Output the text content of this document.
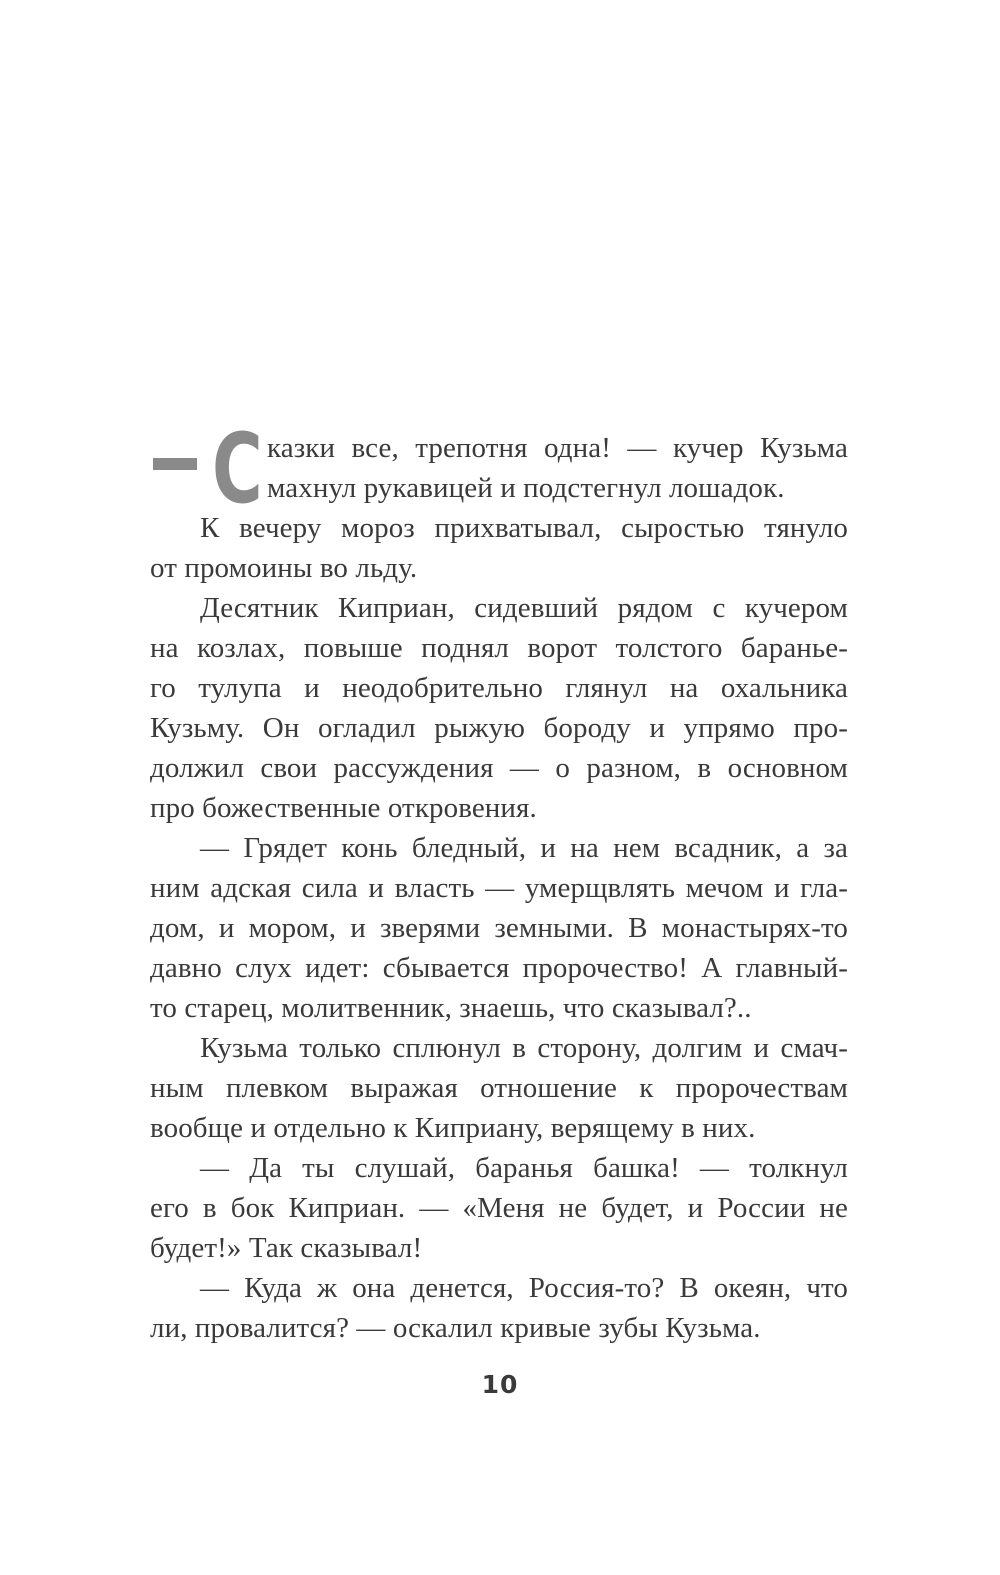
С казки все, трепотня одна! — кучер Кузьма
махнул рукавицей и подстегнул лошадок.
К вечеру мороз прихватывал, сыростью тянуло
от промоины во льду.
Десятник Киприан, сидевший рядом с кучером
на козлах, повыше поднял ворот толстого баранье-
го тулупа и неодобрительно глянул на охальника
Кузьму. Он огладил рыжую бороду и упрямо про-
должил свои рассуждения — о разном, в основном
про божественные откровения.
— Грядет конь бледный, и на нем всадник, а за
ним адская сила и власть — умерщвлять мечом и гла-
дом, и мором, и зверями земными. В монастырях-то
давно слух идет: сбывается пророчество! А главный-
то старец, молитвенник, знаешь, что сказывал?..
Кузьма только сплюнул в сторону, долгим и смач-
ным плевком выражая отношение к пророчествам
вообще и отдельно к Киприану, верящему в них.
— Да ты слушай, баранья башка! — толкнул
его в бок Киприан. — «Меня не будет, и России не
будет!» Так сказывал!
— Куда ж она денется, Россия-то? В океян, что
ли, провалится? — оскалил кривые зубы Кузьма.
10
